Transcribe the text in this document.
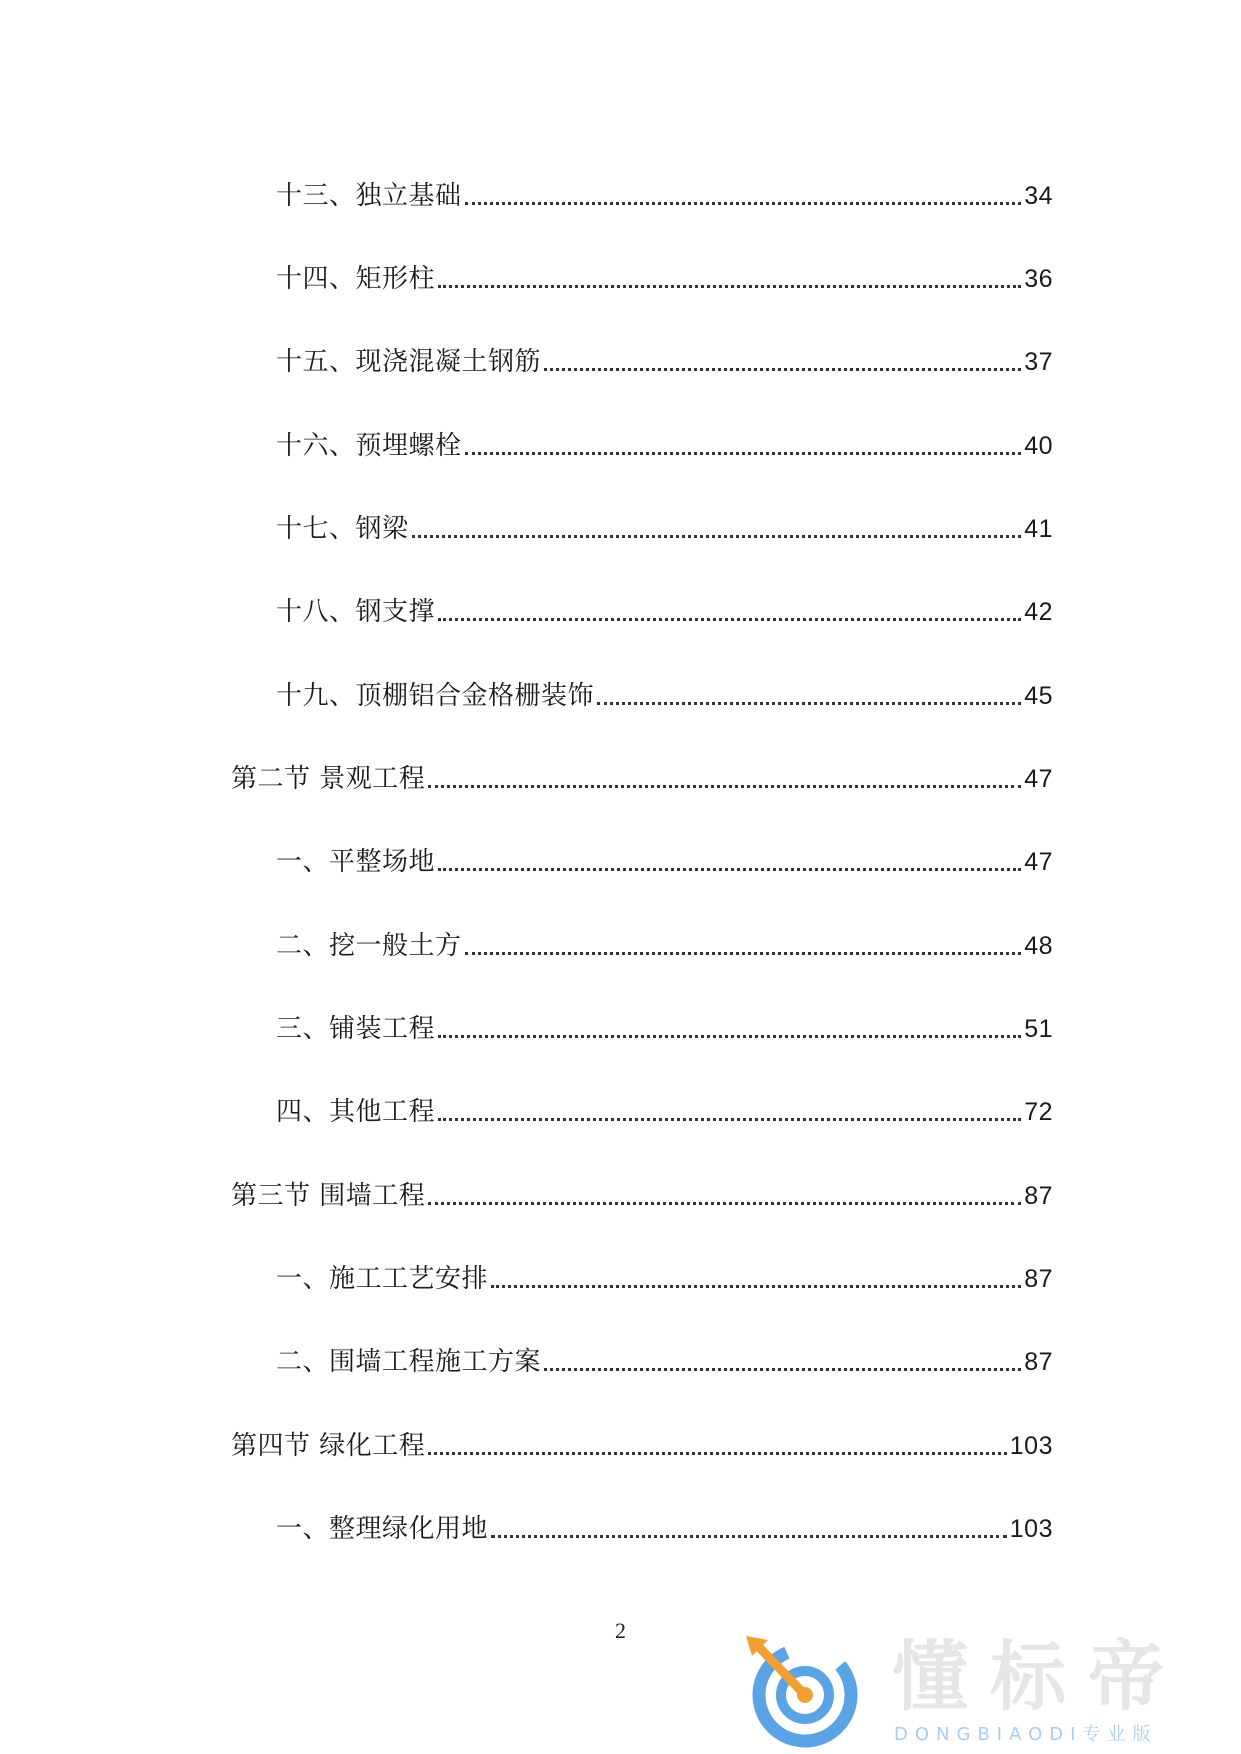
十三、独立基础	34
十四、矩形柱	36
十五、现浇混凝土钢筋	37
十六、预埋螺栓	40
十七、钢梁	41
十八、钢支撑	42
十九、顶棚铝合金格栅装饰	45
第二节 景观工程	47
一、平整场地	47
二、挖一般土方	48
三、铺装工程	51
四、其他工程	72
第三节 围墙工程	87
一、施工工艺安排	87
二、围墙工程施工方案	87
第四节 绿化工程	103
一、整理绿化用地	103
2
懂标帝
DONGBIAODI专业版
